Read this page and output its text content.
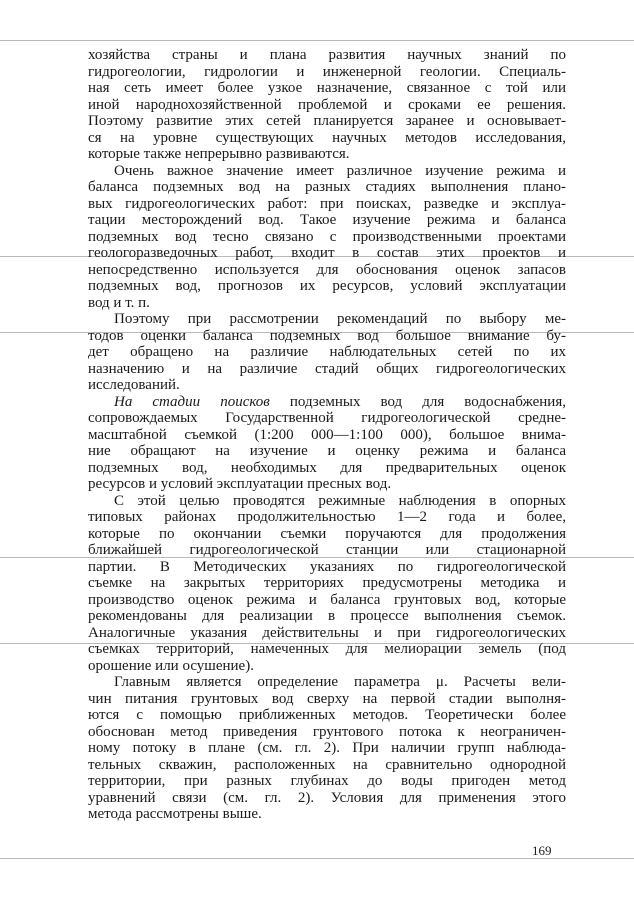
хозяйства страны и плана развития научных знаний по
гидрогеологии, гидрологии и инженерной геологии. Специаль-
ная сеть имеет более узкое назначение, связанное с той или
иной народнохозяйственной проблемой и сроками ее решения.
Поэтому развитие этих сетей планируется заранее и основывает-
ся на уровне существующих научных методов исследования,
которые также непрерывно развиваются.

Очень важное значение имеет различное изучение режима и
баланса подземных вод на разных стадиях выполнения плано-
вых гидрогеологических работ: при поисках, разведке и эксплуа-
тации месторождений вод. Такое изучение режима и баланса
подземных вод тесно связано с производственными проектами
геологоразведочных работ, входит в состав этих проектов и
непосредственно используется для обоснования оценок запасов
подземных вод, прогнозов их ресурсов, условий эксплуатации
вод и т. п.

Поэтому при рассмотрении рекомендаций по выбору ме-
тодов оценки баланса подземных вод большое внимание бу-
дет обращено на различие наблюдательных сетей по их
назначению и на различие стадий общих гидрогеологических
исследований.

На стадии поисков подземных вод для водоснабжения,
сопровождаемых Государственной гидрогеологической средне-
масштабной съемкой (1:200 000—1:100 000), большое внима-
ние обращают на изучение и оценку режима и баланса
подземных вод, необходимых для предварительных оценок
ресурсов и условий эксплуатации пресных вод.

С этой целью проводятся режимные наблюдения в опорных
типовых районах продолжительностью 1—2 года и более,
которые по окончании съемки поручаются для продолжения
ближайшей гидрогеологической станции или стационарной
партии. В Методических указаниях по гидрогеологической
съемке на закрытых территориях предусмотрены методика и
производство оценок режима и баланса грунтовых вод, которые
рекомендованы для реализации в процессе выполнения съемок.
Аналогичные указания действительны и при гидрогеологических
съемках территорий, намеченных для мелиорации земель (под
орошение или осушение).

Главным является определение параметра μ. Расчеты вели-
чин питания грунтовых вод сверху на первой стадии выполня-
ются с помощью приближенных методов. Теоретически более
обоснован метод приведения грунтового потока к неограничен-
ному потоку в плане (см. гл. 2). При наличии групп наблюда-
тельных скважин, расположенных на сравнительно однородной
территории, при разных глубинах до воды пригоден метод
уравнений связи (см. гл. 2). Условия для применения этого
метода рассмотрены выше.

169
